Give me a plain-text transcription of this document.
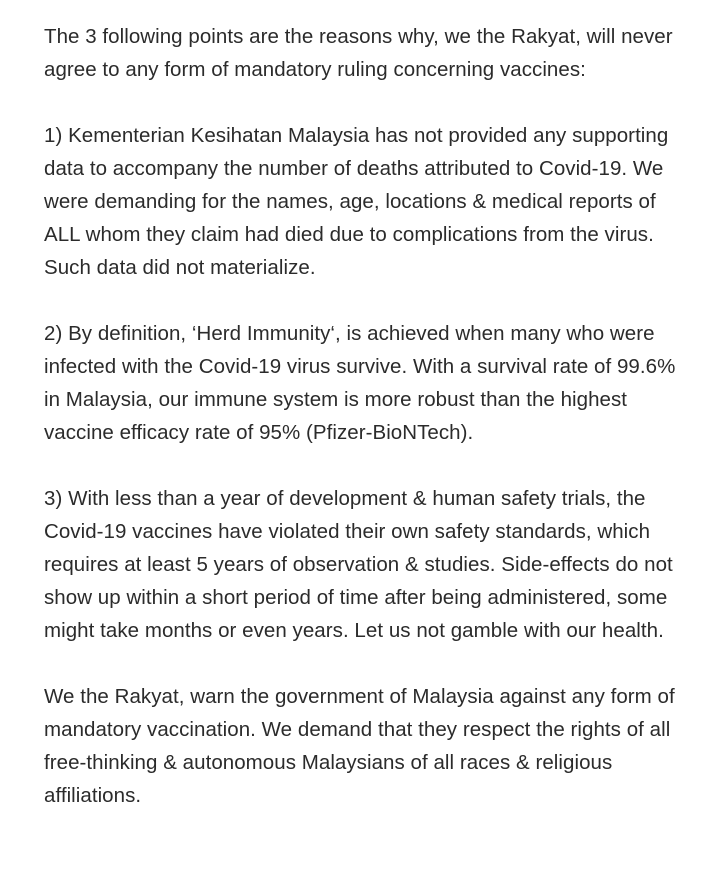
The 3 following points are the reasons why, we the Rakyat, will never agree to any form of mandatory ruling concerning vaccines:

1) Kementerian Kesihatan Malaysia has not provided any supporting data to accompany the number of deaths attributed to Covid-19. We were demanding for the names, age, locations & medical reports of ALL whom they claim had died due to complications from the virus. Such data did not materialize.

2) By definition, ‘Herd Immunity‘, is achieved when many who were infected with the Covid-19 virus survive. With a survival rate of 99.6% in Malaysia, our immune system is more robust than the highest vaccine efficacy rate of 95% (Pfizer-BioNTech).

3) With less than a year of development & human safety trials, the Covid-19 vaccines have violated their own safety standards, which requires at least 5 years of observation & studies. Side-effects do not show up within a short period of time after being administered, some might take months or even years. Let us not gamble with our health.

We the Rakyat, warn the government of Malaysia against any form of mandatory vaccination. We demand that they respect the rights of all free-thinking & autonomous Malaysians of all races & religious affiliations.
